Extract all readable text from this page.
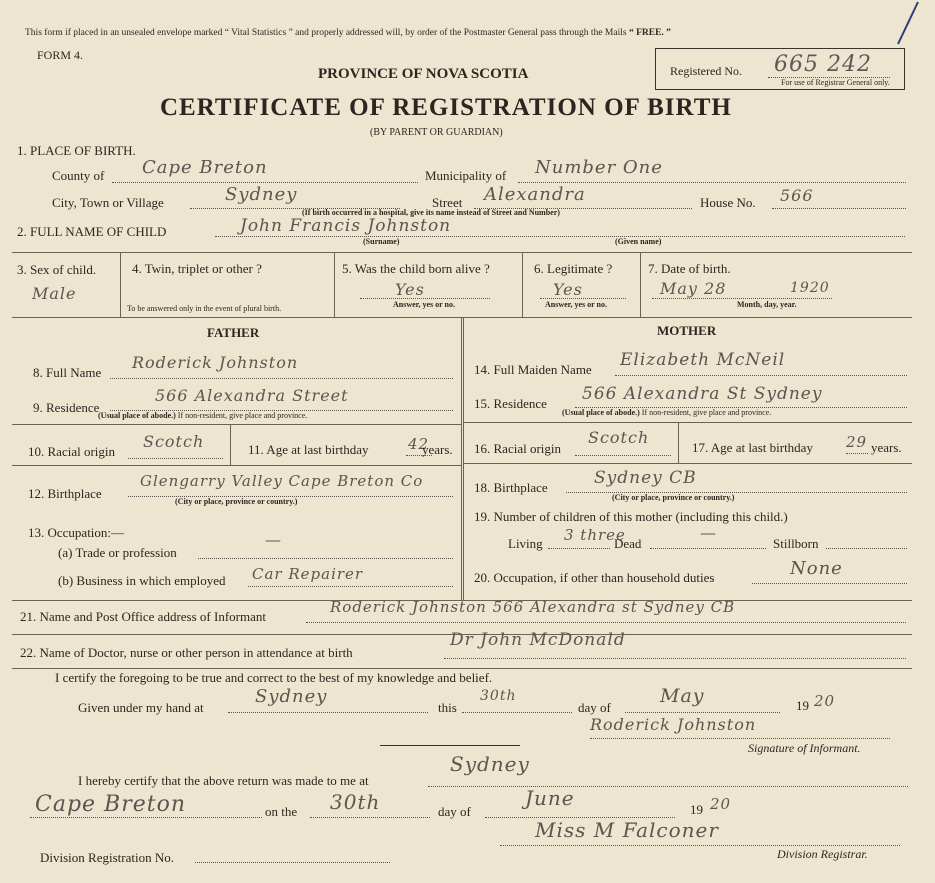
This form if placed in an unsealed envelope marked “ Vital Statistics ” and properly addressed will, by order of the Postmaster General pass through the Mails “ FREE. ”
FORM 4.
PROVINCE OF NOVA SCOTIA
CERTIFICATE OF REGISTRATION OF BIRTH
(BY PARENT OR GUARDIAN)
Registered No. 665 242
For use of Registrar General only.
1. PLACE OF BIRTH.
County of Cape Breton	Municipality of Number One
City, Town or Village	Sydney	Street Alexandra	House No. 566
(If birth occurred in a hospital, give its name instead of Street and Number)
2. FULL NAME OF CHILD	John Francis Johnston
(Surname)	(Given name)
3. Sex of child.
Male
4. Twin, triplet or other ?
To be answered only in the event of plural birth.
5. Was the child born alive ?
Yes
Answer, yes or no.
6. Legitimate ?
Yes
Answer, yes or no.
7. Date of birth.
May 28	1920
Month, day, year.
FATHER	MOTHER
8. Full Name
Roderick Johnston
9. Residence
566 Alexandra Street
(Usual place of abode.) If non-resident, give place and province.
10. Racial origin
Scotch	11. Age at last birthday	42
years.
12. Birthplace
Glengarry Valley Cape Breton Co
(City or place, province or country.)
13. Occupation:—
(a) Trade or profession
—
(b) Business in which employed Car Repairer
14. Full Maiden Name Elizabeth McNeil
15. Residence 566 Alexandra St Sydney
(Usual place of abode.) If non-resident, give place and province.
16. Racial origin
Scotch
17. Age at last birthday 29 years.
18. Birthplace	Sydney CB
(City or place, province or country.)
19. Number of children of this mother (including this child.)
Living 3 three
Dead
—
Stillborn
20. Occupation, if other than household duties	None
21. Name and Post Office address of Informant
Roderick Johnston 566 Alexandra st Sydney CB
22. Name of Doctor, nurse or other person in attendance at birth
Dr John McDonald
I certify the foregoing to be true and correct to the best of my knowledge and belief.
Given under my hand at
Sydney
this
30th
day of
May	19 20
Roderick Johnston
Signature of Informant.
I hereby certify that the above return was made to me at
Sydney
Cape Breton	on the 30th	day of
June	19 20
Miss M Falconer
Division Registrar.
Division Registration No.
